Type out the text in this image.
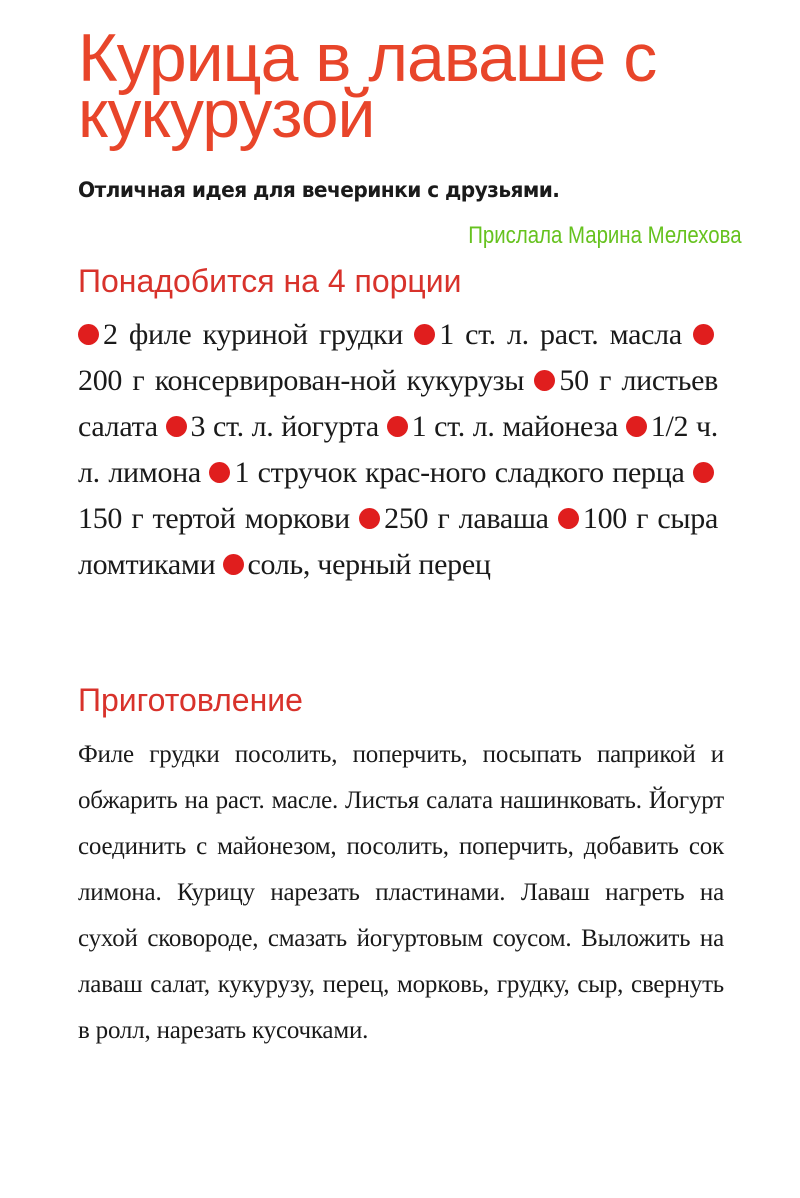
Курица в лаваше с кукурузой
Отличная идея для вечеринки с друзьями.
Прислала Марина Мелехова
Понадобится на 4 порции
2 филе куриной грудки 1 ст. л. раст. масла 200 г консервирован-ной кукурузы 50 г листьев салата 3 ст. л. йогурта 1 ст. л. майонеза 1/2 ч. л. лимона 1 стручок крас-ного сладкого перца 150 г тертой моркови 250 г лаваша 100 г сыра ломтиками соль, черный перец
Приготовление
Филе грудки посолить, поперчить, посыпать паприкой и обжарить на раст. масле. Листья салата нашинковать. Йогурт соединить с майонезом, посолить, поперчить, добавить сок лимона. Курицу нарезать пластинами. Лаваш нагреть на сухой сковороде, смазать йогуртовым соусом. Выложить на лаваш салат, кукурузу, перец, морковь, грудку, сыр, свернуть в ролл, нарезать кусочками.
